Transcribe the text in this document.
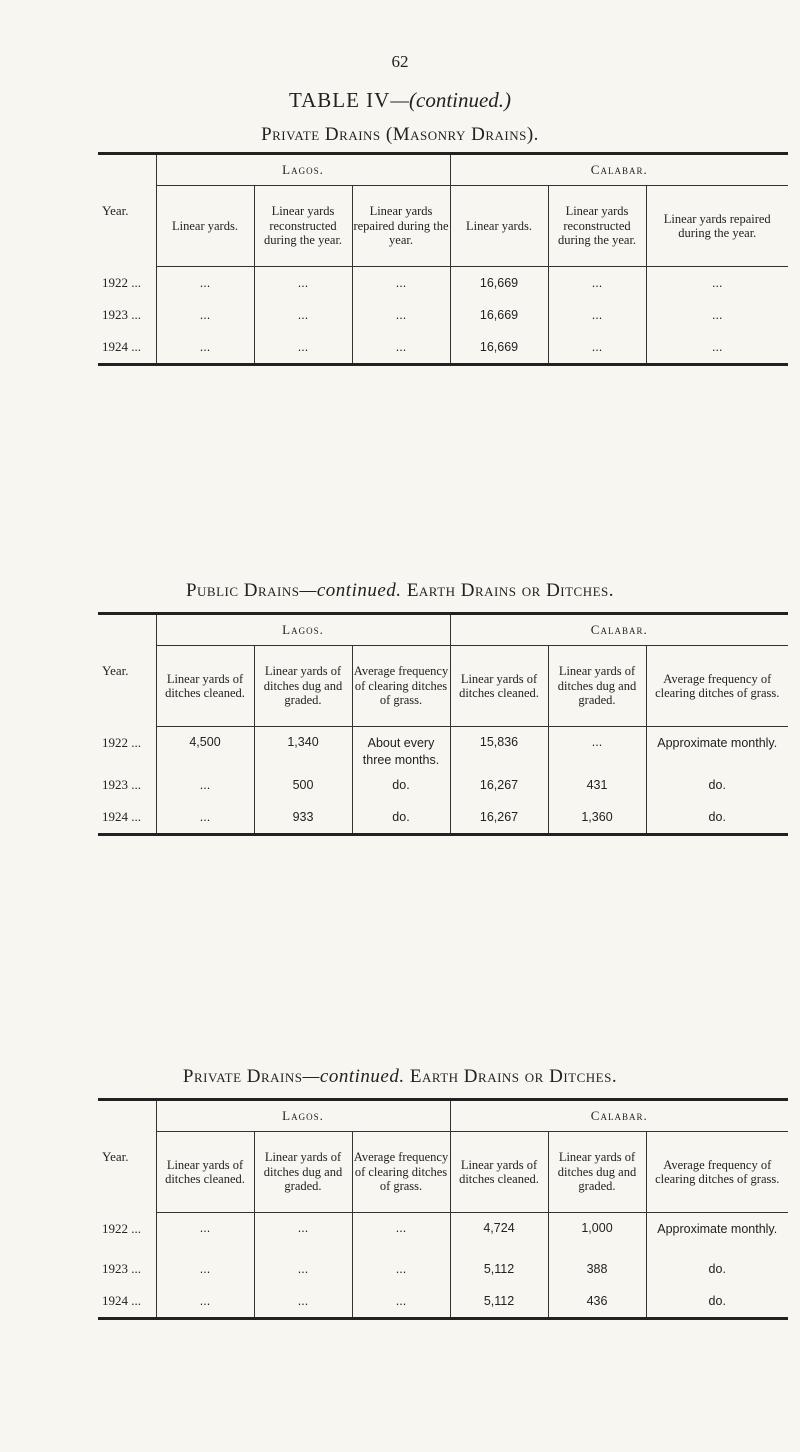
62
TABLE IV—(continued.)
Private Drains (Masonry Drains).

Year.	Lagos.			Calabar.		
	Linear yards.	Linear yards reconstructed during the year.	Linear yards repaired during the year.	Linear yards.	Linear yards reconstructed during the year.	Linear yards repaired during the year.
1922 ...	...	...	...	16,669	...	...
1923 ...	...	...	...	16,669	...	...
1924 ...	...	...	...	16,669	...	...

Public Drains—continued. Earth Drains or Ditches.

Year.	Lagos.			Calabar.		
	Linear yards of ditches cleaned.	Linear yards of ditches dug and graded.	Average frequency of clearing ditches of grass.	Linear yards of ditches cleaned.	Linear yards of ditches dug and graded.	Average frequency of clearing ditches of grass.
1922 ...	4,500	1,340	About every three months.	15,836	...	Approximate monthly.
1923 ...	...	500	do.	16,267	431	do.
1924 ...	...	933	do.	16,267	1,360	do.

Private Drains—continued. Earth Drains or Ditches.

Year.	Lagos.			Calabar.		
	Linear yards of ditches cleaned.	Linear yards of ditches dug and graded.	Average frequency of clearing ditches of grass.	Linear yards of ditches cleaned.	Linear yards of ditches dug and graded.	Average frequency of clearing ditches of grass.
1922 ...	...	...	...	4,724	1,000	Approximate monthly.
1923 ...	...	...	...	5,112	388	do.
1924 ...	...	...	...	5,112	436	do.
